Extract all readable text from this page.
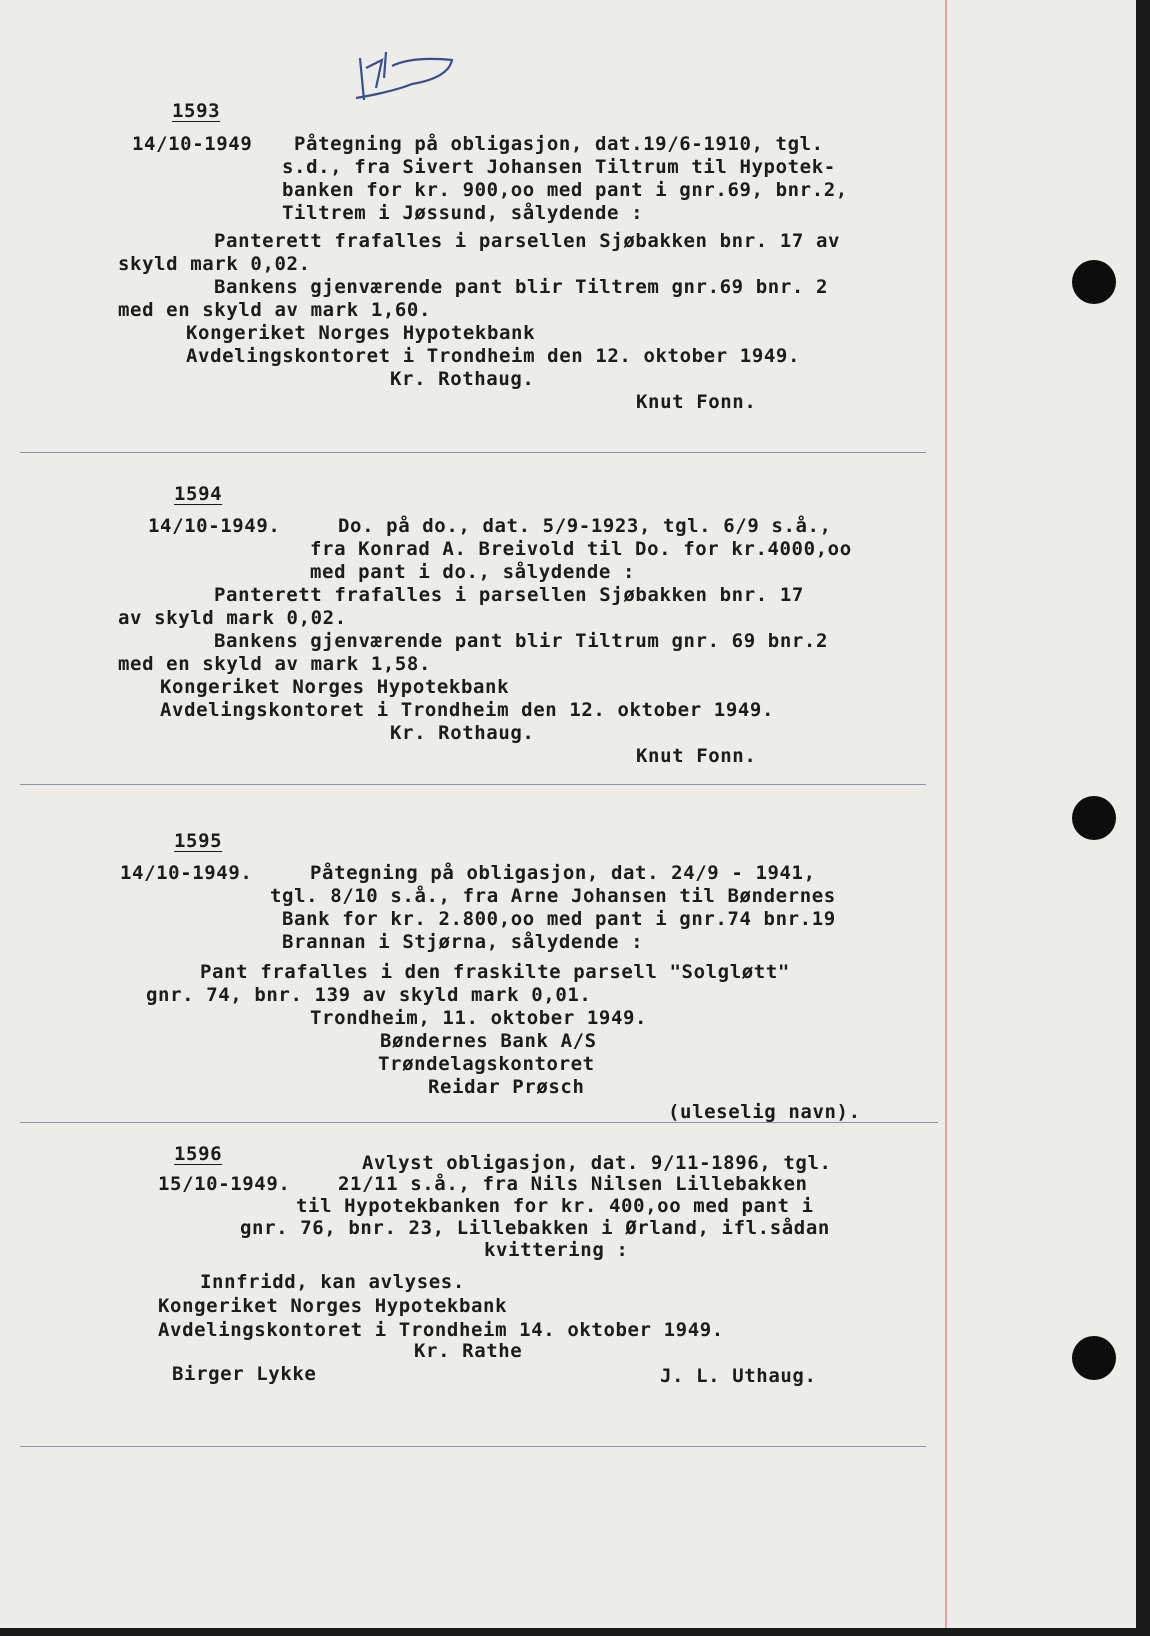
1593
14/10-1949 Påtegning på obligasjon, dat.19/6-1910, tgl.
s.d., fra Sivert Johansen Tiltrum til Hypotek-
banken for kr. 900,oo med pant i gnr.69, bnr.2,
Tiltrem i Jøssund, sålydende :
Panterett frafalles i parsellen Sjøbakken bnr. 17 av
skyld mark 0,02.
Bankens gjenværende pant blir Tiltrem gnr.69 bnr. 2
med en skyld av mark 1,60.
Kongeriket Norges Hypotekbank
Avdelingskontoret i Trondheim den 12. oktober 1949.
Kr. Rothaug.
Knut Fonn.
1594
14/10-1949.	Do. på do., dat. 5/9-1923, tgl. 6/9 s.å.,
fra Konrad A. Breivold til Do. for kr.4000,oo
med pant i do., sålydende :
Panterett frafalles i parsellen Sjøbakken bnr. 17
av skyld mark 0,02.
Bankens gjenværende pant blir Tiltrum gnr. 69 bnr.2
med en skyld av mark 1,58.
Kongeriket Norges Hypotekbank
Avdelingskontoret i Trondheim den 12. oktober 1949.
Kr. Rothaug.
Knut Fonn.
1595
14/10-1949.	Påtegning på obligasjon, dat. 24/9 - 1941,
tgl. 8/10 s.å., fra Arne Johansen til Bøndernes
Bank for kr. 2.800,oo med pant i gnr.74 bnr.19
Brannan i Stjørna, sålydende :
Pant frafalles i den fraskilte parsell "Solgløtt"
gnr. 74, bnr. 139 av skyld mark 0,01.
Trondheim, 11. oktober 1949.
Bøndernes Bank A/S
Trøndelagskontoret
Reidar Prøsch
(uleselig navn).
1596
15/10-1949.
Avlyst obligasjon, dat. 9/11-1896, tgl.
21/11 s.å., fra Nils Nilsen Lillebakken
til Hypotekbanken for kr. 400,oo med pant i
gnr. 76, bnr. 23, Lillebakken i Ørland, ifl.sådan
kvittering :
Innfridd, kan avlyses.
Kongeriket Norges Hypotekbank
Avdelingskontoret i Trondheim 14. oktober 1949.
Kr. Rathe
Birger Lykke	J. L. Uthaug.
